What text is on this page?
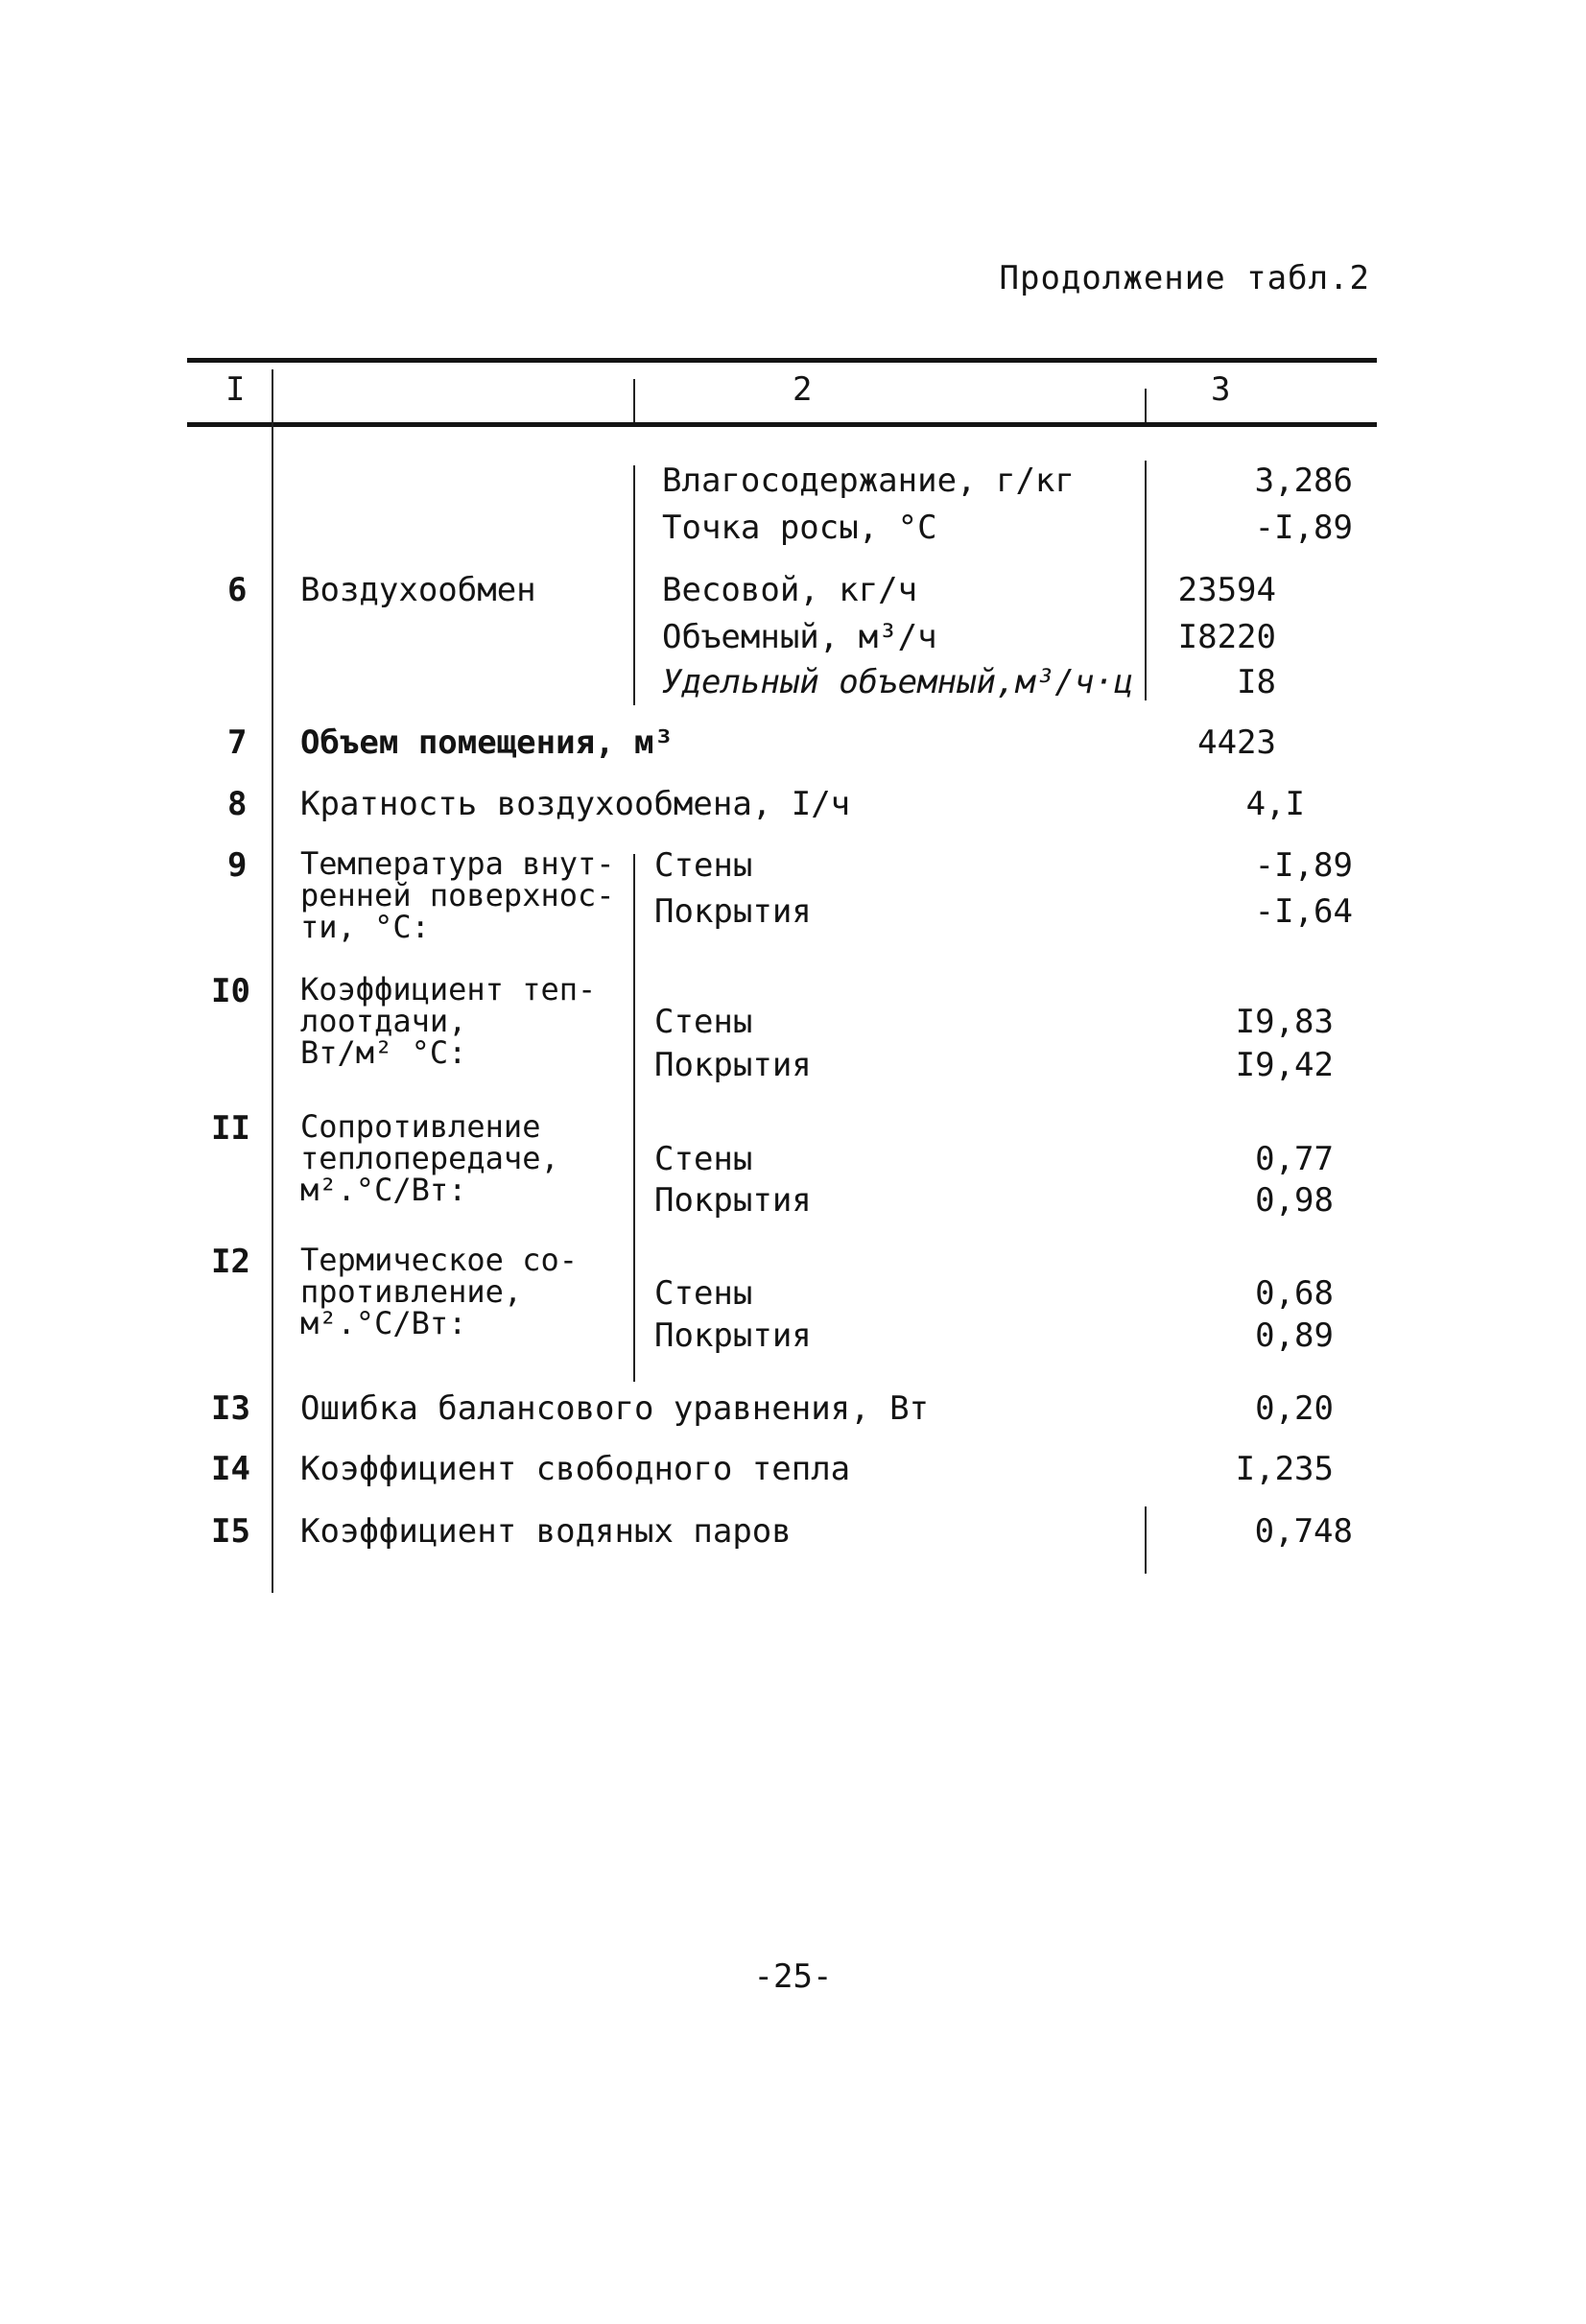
Продолжение табл.2
I	2	3
Влагосодержание, г/кг	3,286
Точка росы, °С	-I,89
6 Воздухообмен	Весовой, кг/ч	23594
Объемный, м³/ч	I8220
Удельный объемный,м³/ч·ц	I8
7 Объем помещения, м³	4423
8 Кратность воздухообмена, I/ч	4,I
9 Температура внут-
ренней поверхнос-
ти, °С:
Стены	-I,89
Покрытия	-I,64
I0 Коэффициент теп-
лоотдачи,
Вт/м² °С:
Стены	I9,83
Покрытия	I9,42
II Сопротивление
теплопередаче,
м².°С/Вт:
Стены	0,77
Покрытия	0,98
I2 Термическое со-
противление,
м².°С/Вт:
Стены	0,68
Покрытия	0,89
I3 Ошибка балансового уравнения, Вт	0,20
I4 Коэффициент свободного тепла	I,235
I5 Коэффициент водяных паров	0,748
-25-
